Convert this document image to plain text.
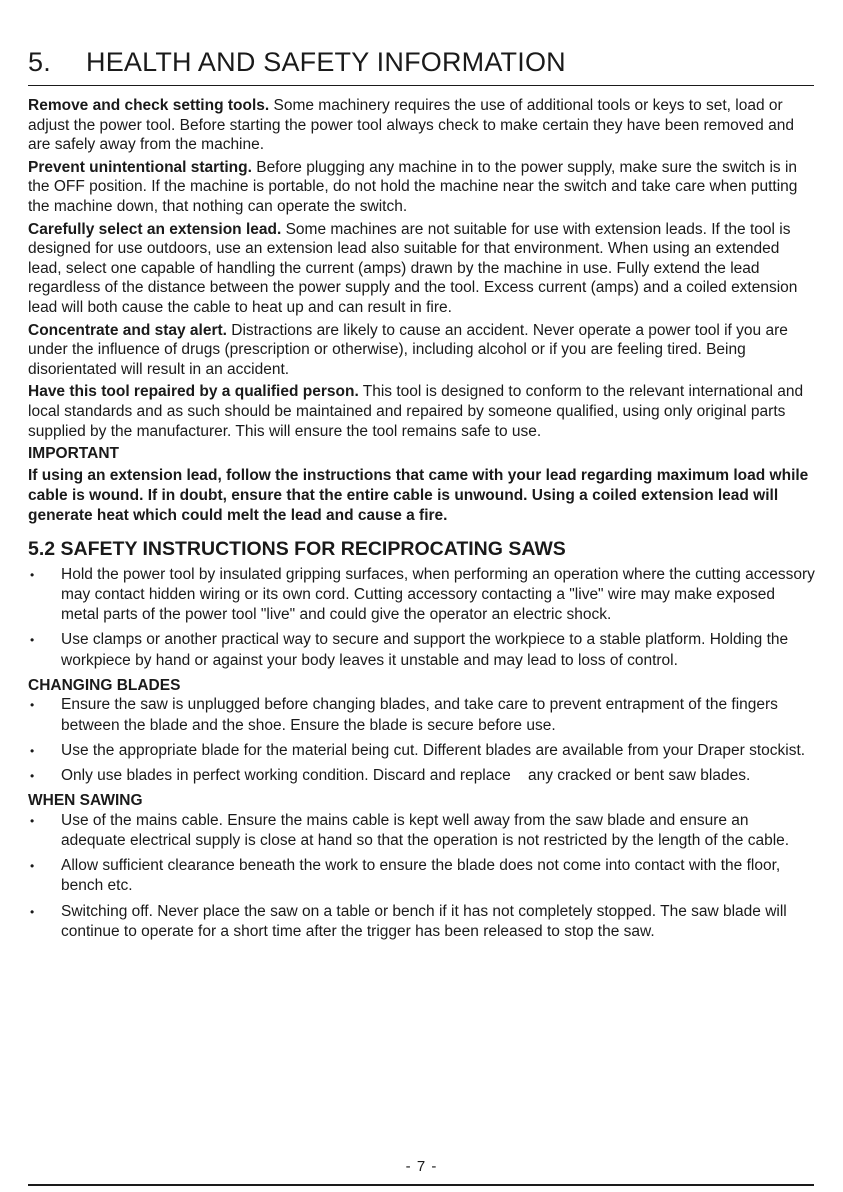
5. HEALTH AND SAFETY INFORMATION

Remove and check setting tools. Some machinery requires the use of additional tools or keys to set, load or adjust the power tool. Before starting the power tool always check to make certain they have been removed and are safely away from the machine.

Prevent unintentional starting. Before plugging any machine in to the power supply, make sure the switch is in the OFF position. If the machine is portable, do not hold the machine near the switch and take care when putting the machine down, that nothing can operate the switch.

Carefully select an extension lead. Some machines are not suitable for use with extension leads. If the tool is designed for use outdoors, use an extension lead also suitable for that environment. When using an extended lead, select one capable of handling the current (amps) drawn by the machine in use. Fully extend the lead regardless of the distance between the power supply and the tool. Excess current (amps) and a coiled extension lead will both cause the cable to heat up and can result in fire.

Concentrate and stay alert. Distractions are likely to cause an accident. Never operate a power tool if you are under the influence of drugs (prescription or otherwise), including alcohol or if you are feeling tired. Being disorientated will result in an accident.

Have this tool repaired by a qualified person. This tool is designed to conform to the relevant international and local standards and as such should be maintained and repaired by someone qualified, using only original parts supplied by the manufacturer. This will ensure the tool remains safe to use.

IMPORTANT

If using an extension lead, follow the instructions that came with your lead regarding maximum load while cable is wound. If in doubt, ensure that the entire cable is unwound. Using a coiled extension lead will generate heat which could melt the lead and cause a fire.

5.2 SAFETY INSTRUCTIONS FOR RECIPROCATING SAWS
• Hold the power tool by insulated gripping surfaces, when performing an operation where the cutting accessory may contact hidden wiring or its own cord. Cutting accessory contacting a "live" wire may make exposed metal parts of the power tool "live" and could give the operator an electric shock.
• Use clamps or another practical way to secure and support the workpiece to a stable platform. Holding the workpiece by hand or against your body leaves it unstable and may lead to loss of control.
CHANGING BLADES
• Ensure the saw is unplugged before changing blades, and take care to prevent entrapment of the fingers between the blade and the shoe. Ensure the blade is secure before use.
• Use the appropriate blade for the material being cut. Different blades are available from your Draper stockist.
• Only use blades in perfect working condition. Discard and replace    any cracked or bent saw blades.
WHEN SAWING
• Use of the mains cable. Ensure the mains cable is kept well away from the saw blade and ensure an adequate electrical supply is close at hand so that the operation is not restricted by the length of the cable.
• Allow sufficient clearance beneath the work to ensure the blade does not come into contact with the floor, bench etc.
• Switching off. Never place the saw on a table or bench if it has not completely stopped. The saw blade will continue to operate for a short time after the trigger has been released to stop the saw.
- 7 -
